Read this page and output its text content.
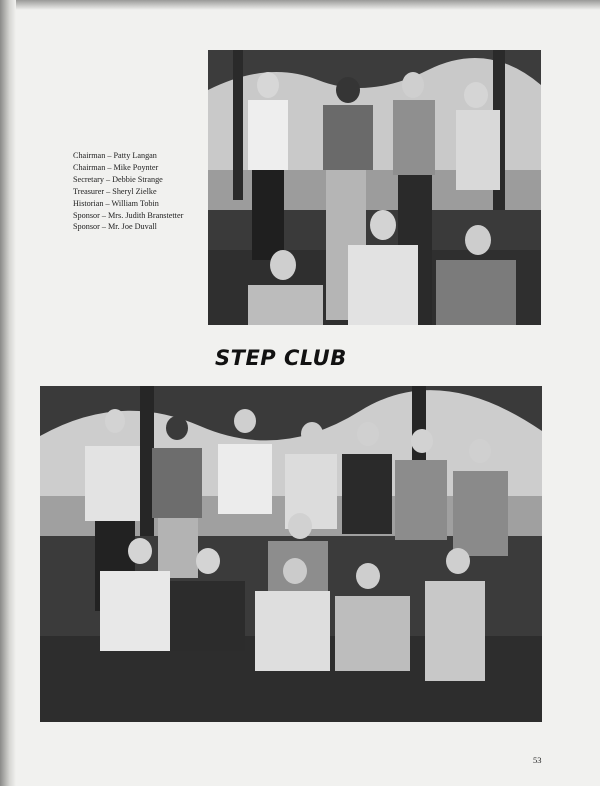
Chairman – Patty Langan
Chairman – Mike Poynter
Secretary – Debbie Strange
Treasurer – Sheryl Zielke
Historian – William Tobin
Sponsor – Mrs. Judith Branstetter
Sponsor – Mr. Joe Duvall
STEP CLUB
53
